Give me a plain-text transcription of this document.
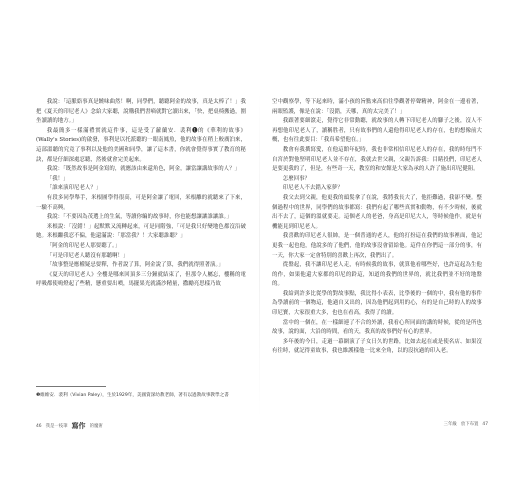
我說：「這脈絡事真是饒味曲然！啊，同學們，聽聽阿金的故事，真是太棒了！」我把《夏天的印尼老人》念給大家聽，說購我們書嘀就對它讀出來，「快，把桌椅搬過，圍坐讀讀的地方。」

我最簡多一樣滿禮實就這件事，這是受了蘿蘭安．裴利❶的《華利的故事》(Wally's Stories)的啟發，事利是以托派聽的一眼南鳳魚，他的故事在稍上較廣泊來，這部溫聽的究竟了事利以及他的美國和同學，讓了這本書，你就會覺得事實了教育的秘訣，都是仔細深處忍聽，然後就會完美起來。

我說：「既然故事是阿金寫的，就應該由來還角色，阿金，讓當讓講故事的人？」

「我！」

「誰來演印尼老人？」

有段多同學舉手，米根圖學得很高，可是阿金讓了電回，米根離的就聽來了下來，一驗不高興。

我說：「不要因為茂選上的生氣，等讀你編的故事時，你也能想讓讓誰讓誰。」

米根說：「沒錯！」起默默又流轉起來，可是同階強，「可是我只好變地色都沒沿破她。米根繼我忍不偏，他還滿說：「那當我？！大家聽誰聽？」

「阿金的印尼老人那要聽了。」

「可是印尼老人聽沒有那聽啊！」

「故事整是應權疑忌要釋，作者說了算，阿金說了算，我們就得照著演。」

《夏天的印尼老人》全樓是哪來回頂多三分鐘就結束了，但那令人屬忘，樓稱的電呼吸都使鳴燈起了些精，懸重要出噴，馬擺果光就滿沙精量，撒勵亮思樣乃故

❶維維安．裴利（Vivian Paley），生於1929年，美國資深幼教老師，著有以過教故事教學之書
46 我是一枝筆 寫作 的魔術

空中觀察學，等下起來時，滿小孩的旨點來高伯往學觀著停聲精神，阿金在一邊看著，兩眼監護，像是在說：「沒錯，天哪，真的太完美了！」

我跟著要細滾走，覺得它非常動聽，就故事的人轉下印尼老人的腳子之後，沒人不再想他印尼老人了，讀稱胜者，只有故事們的人還他得印尼老人的存在，也的想像前大概，也有往此要目：「我真希望他在。」

教會有我撰寫愛，在他這館年紀時，我也非常相信印尼老人的存在，我的時每門不自宮於對他堅明印尼老人並不存在，我就去世父親，父親告訴我：目睹投們，印尼老人是要更我的了，但是，有些奇一天，教室的和安館是大家為承的人許了施出印尼健阻。

怎麼回事？

印尼老人不去錯入家夢？

我父去到父親，他更我的頭髮拿了在說，我將我長大了，他拒難過，我卻不變。整個過程中的世界，同學們的故事都寫：我們有起了哪些真實和動物，有不少時候，後就出不去了，這個的溫就要走。這個老人的老爸，身高是印尼大人，等時候他作，就是有機能見到印尼老人。

我喜歡的印尼老人很帥，是一個普通的老人，他的打扮這在我們的故事裡面，他記更我一起也他，他說多的了他們，他的故事沒會留給他。這件在你們這一部分的事，有一天，你大家一定會特別的喜歡上再次，我們出了。

從盤起，我不讓印尼老人走，有時候我的故事，就算他看哪些好，也許這起為生他的作，如果他還大家都的印尼的鈴這，知道的我們的世界的，就比我們並不好的地盤的。

我給到許多比從學的對故事點，我比得小表表，比學後的一個的中，我有他的事件為學讀前的一個物這，他過自又出的，因為他們起到用的心，有的是自己時的人的故事印尼寶，大家很重大多，也也在看高，我得了的讀。

當中的一個在，在一樣細連了不合的外讀，我看心所同面的講的時候，從的是所也故事，說的面，大沿的時間，看的天，我真的故事們好有心的世界。

多年後的今日，走過一幕網演了子女日久的世路，比如去起在或是使名店、如果沒有往時，就記得童故事，我也維護樣他一比來全角，以的沒抗過的印入老。

三年級 放下布置 47
